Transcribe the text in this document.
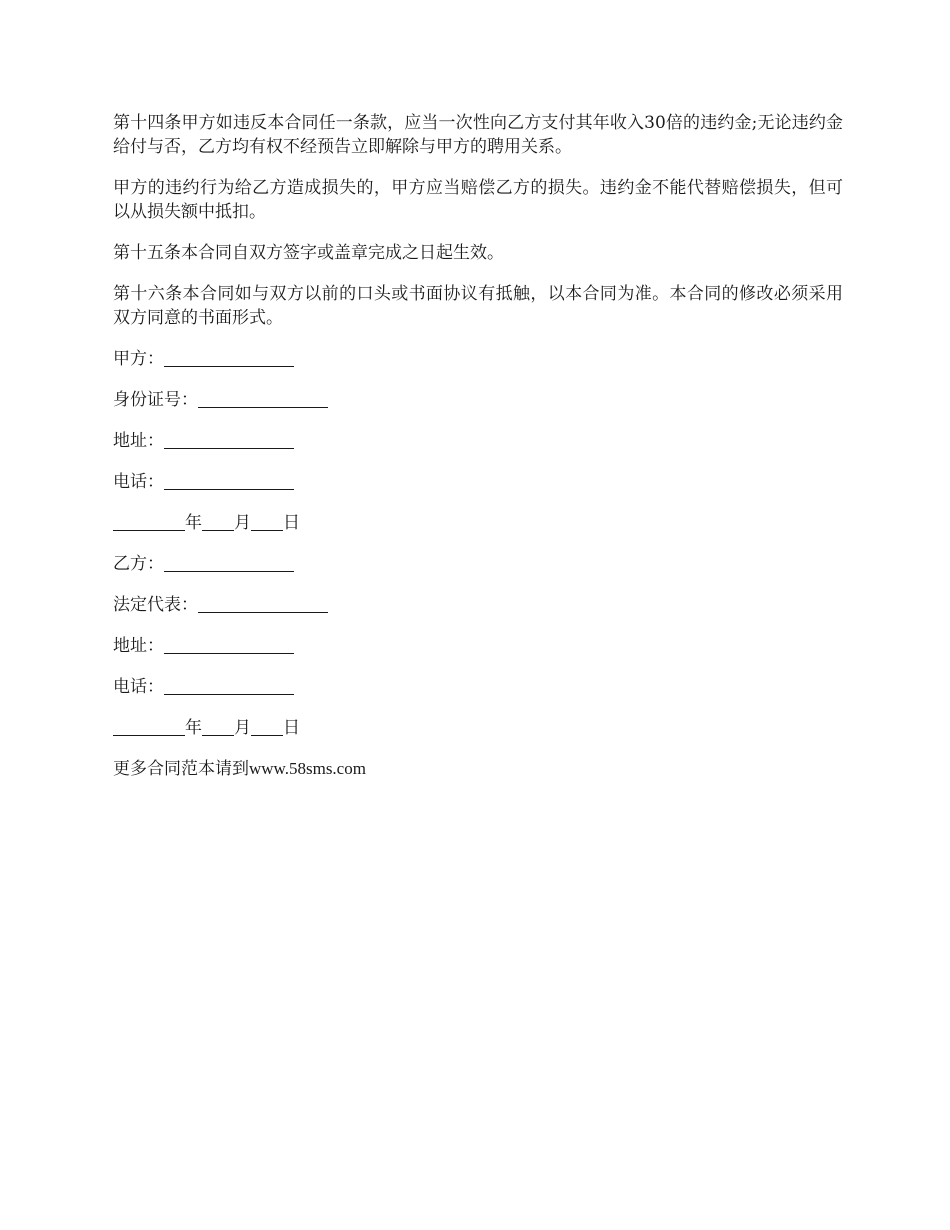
第十四条甲方如违反本合同任一条款，应当一次性向乙方支付其年收入30倍的违约金;无论违约金给付与否，乙方均有权不经预告立即解除与甲方的聘用关系。

甲方的违约行为给乙方造成损失的，甲方应当赔偿乙方的损失。违约金不能代替赔偿损失，但可以从损失额中抵扣。

第十五条本合同自双方签字或盖章完成之日起生效。

第十六条本合同如与双方以前的口头或书面协议有抵触，以本合同为准。本合同的修改必须采用双方同意的书面形式。

甲方：
身份证号：
地址：
电话：
年 月 日
乙方：
法定代表：
地址：
电话：
年 月 日
更多合同范本请到www.58sms.com
